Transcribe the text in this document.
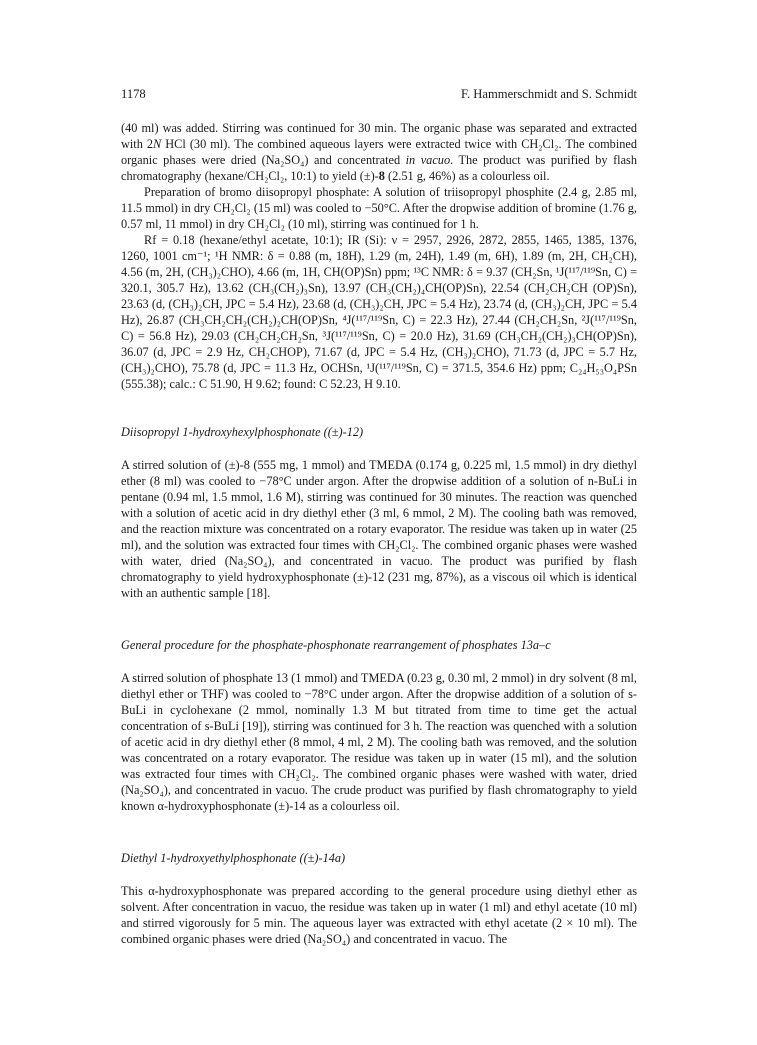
1178	F. Hammerschmidt and S. Schmidt

(40 ml) was added. Stirring was continued for 30 min. The organic phase was separated and extracted with 2N HCl (30 ml). The combined aqueous layers were extracted twice with CH₂Cl₂. The combined organic phases were dried (Na₂SO₄) and concentrated in vacuo. The product was purified by flash chromatography (hexane/CH₂Cl₂, 10:1) to yield (±)-8 (2.51 g, 46%) as a colourless oil.

Preparation of bromo diisopropyl phosphate: A solution of triisopropyl phosphite (2.4 g, 2.85 ml, 11.5 mmol) in dry CH₂Cl₂ (15 ml) was cooled to −50°C. After the dropwise addition of bromine (1.76 g, 0.57 ml, 11 mmol) in dry CH₂Cl₂ (10 ml), stirring was continued for 1 h.

Rf = 0.18 (hexane/ethyl acetate, 10:1); IR (Si): ν = 2957, 2926, 2872, 2855, 1465, 1385, 1376, 1260, 1001 cm⁻¹; ¹H NMR: δ = 0.88 (m, 18H), 1.29 (m, 24H), 1.49 (m, 6H), 1.89 (m, 2H, CH₂CH), 4.56 (m, 2H, (CH₃)₂CHO), 4.66 (m, 1H, CH(OP)Sn) ppm; ¹³C NMR: δ = 9.37 (CH₂Sn, ¹J(¹¹⁷/¹¹⁹Sn, C) = 320.1, 305.7 Hz), 13.62 (CH₃(CH₂)₃Sn), 13.97 (CH₃(CH₂)₄CH(OP)Sn), 22.54 (CH₂CH₂CH (OP)Sn), 23.63 (d, (CH₃)₂CH, JPC = 5.4 Hz), 23.68 (d, (CH₃)₂CH, JPC = 5.4 Hz), 23.74 (d, (CH₃)₂CH, JPC = 5.4 Hz), 26.87 (CH₃CH₂CH₂(CH₂)₂CH(OP)Sn, ⁴J(¹¹⁷/¹¹⁹Sn, C) = 22.3 Hz), 27.44 (CH₂CH₂Sn, ²J(¹¹⁷/¹¹⁹Sn, C) = 56.8 Hz), 29.03 (CH₂CH₂CH₂Sn, ³J(¹¹⁷/¹¹⁹Sn, C) = 20.0 Hz), 31.69 (CH₃CH₂(CH₂)₃CH(OP)Sn), 36.07 (d, JPC = 2.9 Hz, CH₂CHOP), 71.67 (d, JPC = 5.4 Hz, (CH₃)₂CHO), 71.73 (d, JPC = 5.7 Hz, (CH₃)₂CHO), 75.78 (d, JPC = 11.3 Hz, OCHSn, ¹J(¹¹⁷/¹¹⁹Sn, C) = 371.5, 354.6 Hz) ppm; C₂₄H₅₃O₄PSn (555.38); calc.: C 51.90, H 9.62; found: C 52.23, H 9.10.

Diisopropyl 1-hydroxyhexylphosphonate ((±)-12)

A stirred solution of (±)-8 (555 mg, 1 mmol) and TMEDA (0.174 g, 0.225 ml, 1.5 mmol) in dry diethyl ether (8 ml) was cooled to −78°C under argon. After the dropwise addition of a solution of n-BuLi in pentane (0.94 ml, 1.5 mmol, 1.6 M), stirring was continued for 30 minutes. The reaction was quenched with a solution of acetic acid in dry diethyl ether (3 ml, 6 mmol, 2 M). The cooling bath was removed, and the reaction mixture was concentrated on a rotary evaporator. The residue was taken up in water (25 ml), and the solution was extracted four times with CH₂Cl₂. The combined organic phases were washed with water, dried (Na₂SO₄), and concentrated in vacuo. The product was purified by flash chromatography to yield hydroxyphosphonate (±)-12 (231 mg, 87%), as a viscous oil which is identical with an authentic sample [18].

General procedure for the phosphate-phosphonate rearrangement of phosphates 13a–c

A stirred solution of phosphate 13 (1 mmol) and TMEDA (0.23 g, 0.30 ml, 2 mmol) in dry solvent (8 ml, diethyl ether or THF) was cooled to −78°C under argon. After the dropwise addition of a solution of s-BuLi in cyclohexane (2 mmol, nominally 1.3 M but titrated from time to time get the actual concentration of s-BuLi [19]), stirring was continued for 3 h. The reaction was quenched with a solution of acetic acid in dry diethyl ether (8 mmol, 4 ml, 2 M). The cooling bath was removed, and the solution was concentrated on a rotary evaporator. The residue was taken up in water (15 ml), and the solution was extracted four times with CH₂Cl₂. The combined organic phases were washed with water, dried (Na₂SO₄), and concentrated in vacuo. The crude product was purified by flash chromatography to yield known α-hydroxyphosphonate (±)-14 as a colourless oil.

Diethyl 1-hydroxyethylphosphonate ((±)-14a)

This α-hydroxyphosphonate was prepared according to the general procedure using diethyl ether as solvent. After concentration in vacuo, the residue was taken up in water (1 ml) and ethyl acetate (10 ml) and stirred vigorously for 5 min. The aqueous layer was extracted with ethyl acetate (2 × 10 ml). The combined organic phases were dried (Na₂SO₄) and concentrated in vacuo. The
